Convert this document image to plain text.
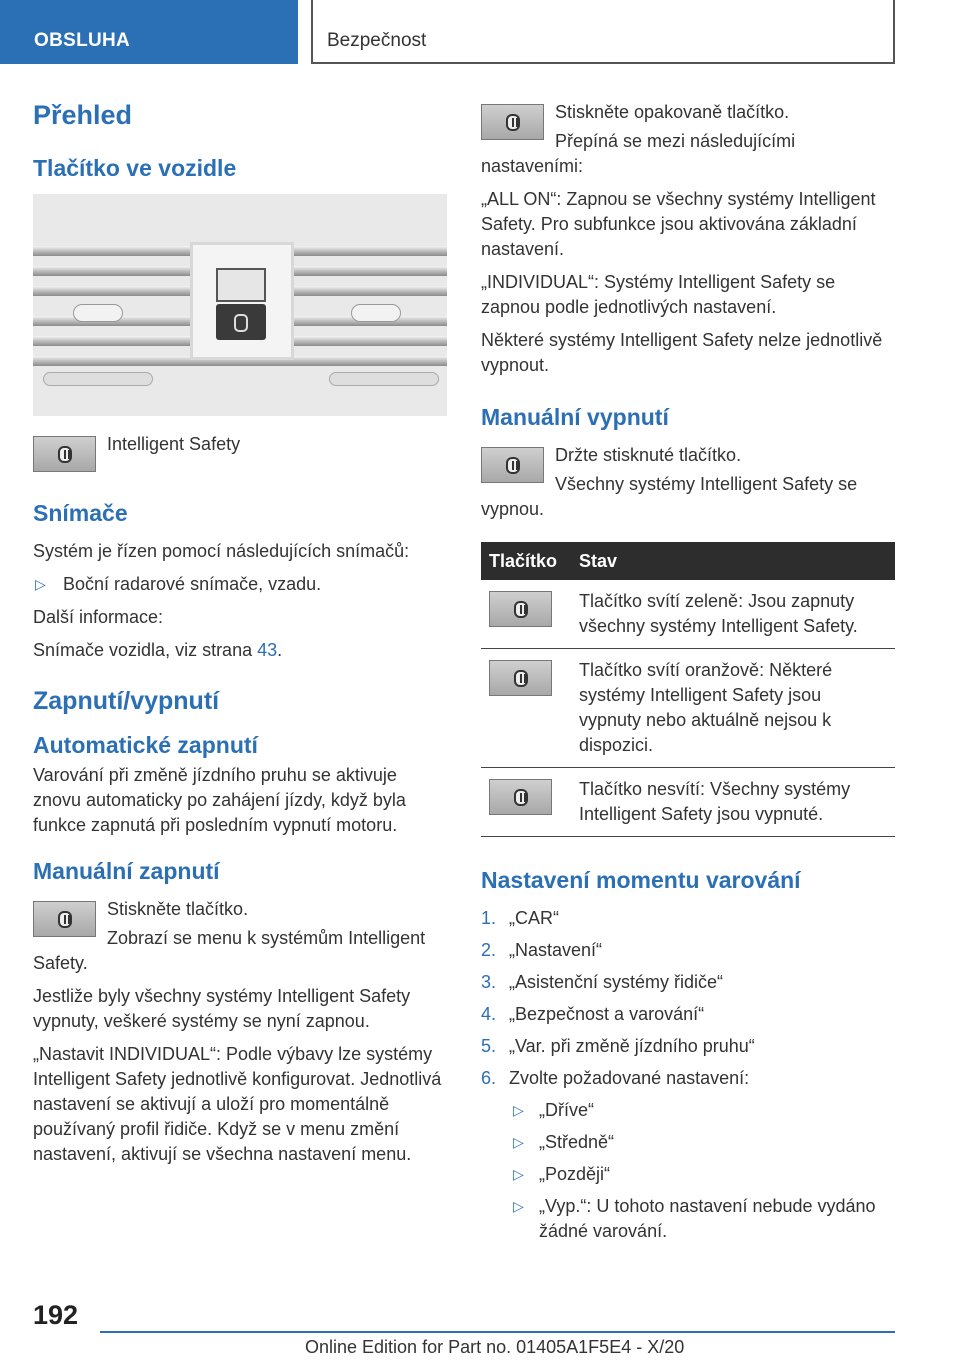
OBSLUHA	Bezpečnost
Přehled
Tlačítko ve vozidle

Intelligent Safety

Snímače

Systém je řízen pomocí následujících snímačů:

▷ Boční radarové snímače, vzadu.

Další informace:

Snímače vozidla, viz strana 43.

Zapnutí/vypnutí
Automatické zapnutí

Varování při změně jízdního pruhu se aktivuje znovu automaticky po zahájení jízdy, když byla funkce zapnutá při posledním vypnutí motoru.

Manuální zapnutí

Stiskněte tlačítko.

Zobrazí se menu k systémům Intelligent Safety.

Jestliže byly všechny systémy Intelligent Safety vypnuty, veškeré systémy se nyní zapnou.

„Nastavit INDIVIDUAL“: Podle výbavy lze systémy Intelligent Safety jednotlivě konfigurovat. Jednotlivá nastavení se aktivují a uloží pro momentálně používaný profil řidiče. Když se v menu změní nastavení, aktivují se všechna nastavení menu.

Stiskněte opakovaně tlačítko.

Přepíná se mezi následujícími nastaveními:

„ALL ON“: Zapnou se všechny systémy Intelligent Safety. Pro subfunkce jsou aktivována základní nastavení.

„INDIVIDUAL“: Systémy Intelligent Safety se zapnou podle jednotlivých nastavení.

Některé systémy Intelligent Safety nelze jednotlivě vypnout.

Manuální vypnutí

Držte stisknuté tlačítko.

Všechny systémy Intelligent Safety se vypnou.

Tlačítko	Stav

	Tlačítko svítí zeleně: Jsou zapnuty všechny systémy Intelligent Safety.

	Tlačítko svítí oranžově: Některé systémy Intelligent Safety jsou vypnuty nebo aktuálně nejsou k dispozici.

	Tlačítko nesvítí: Všechny systémy Intelligent Safety jsou vypnuté.
Nastavení momentu varování
1. „CAR“
2. „Nastavení“
3. „Asistenční systémy řidiče“
4. „Bezpečnost a varování“
5. „Var. při změně jízdního pruhu“
6. Zvolte požadované nastavení:
▷ „Dříve“
▷ „Středně“
▷ „Později“
▷ „Vyp.“: U tohoto nastavení nebude vydáno žádné varování.
192
Online Edition for Part no. 01405A1F5E4 - X/20
